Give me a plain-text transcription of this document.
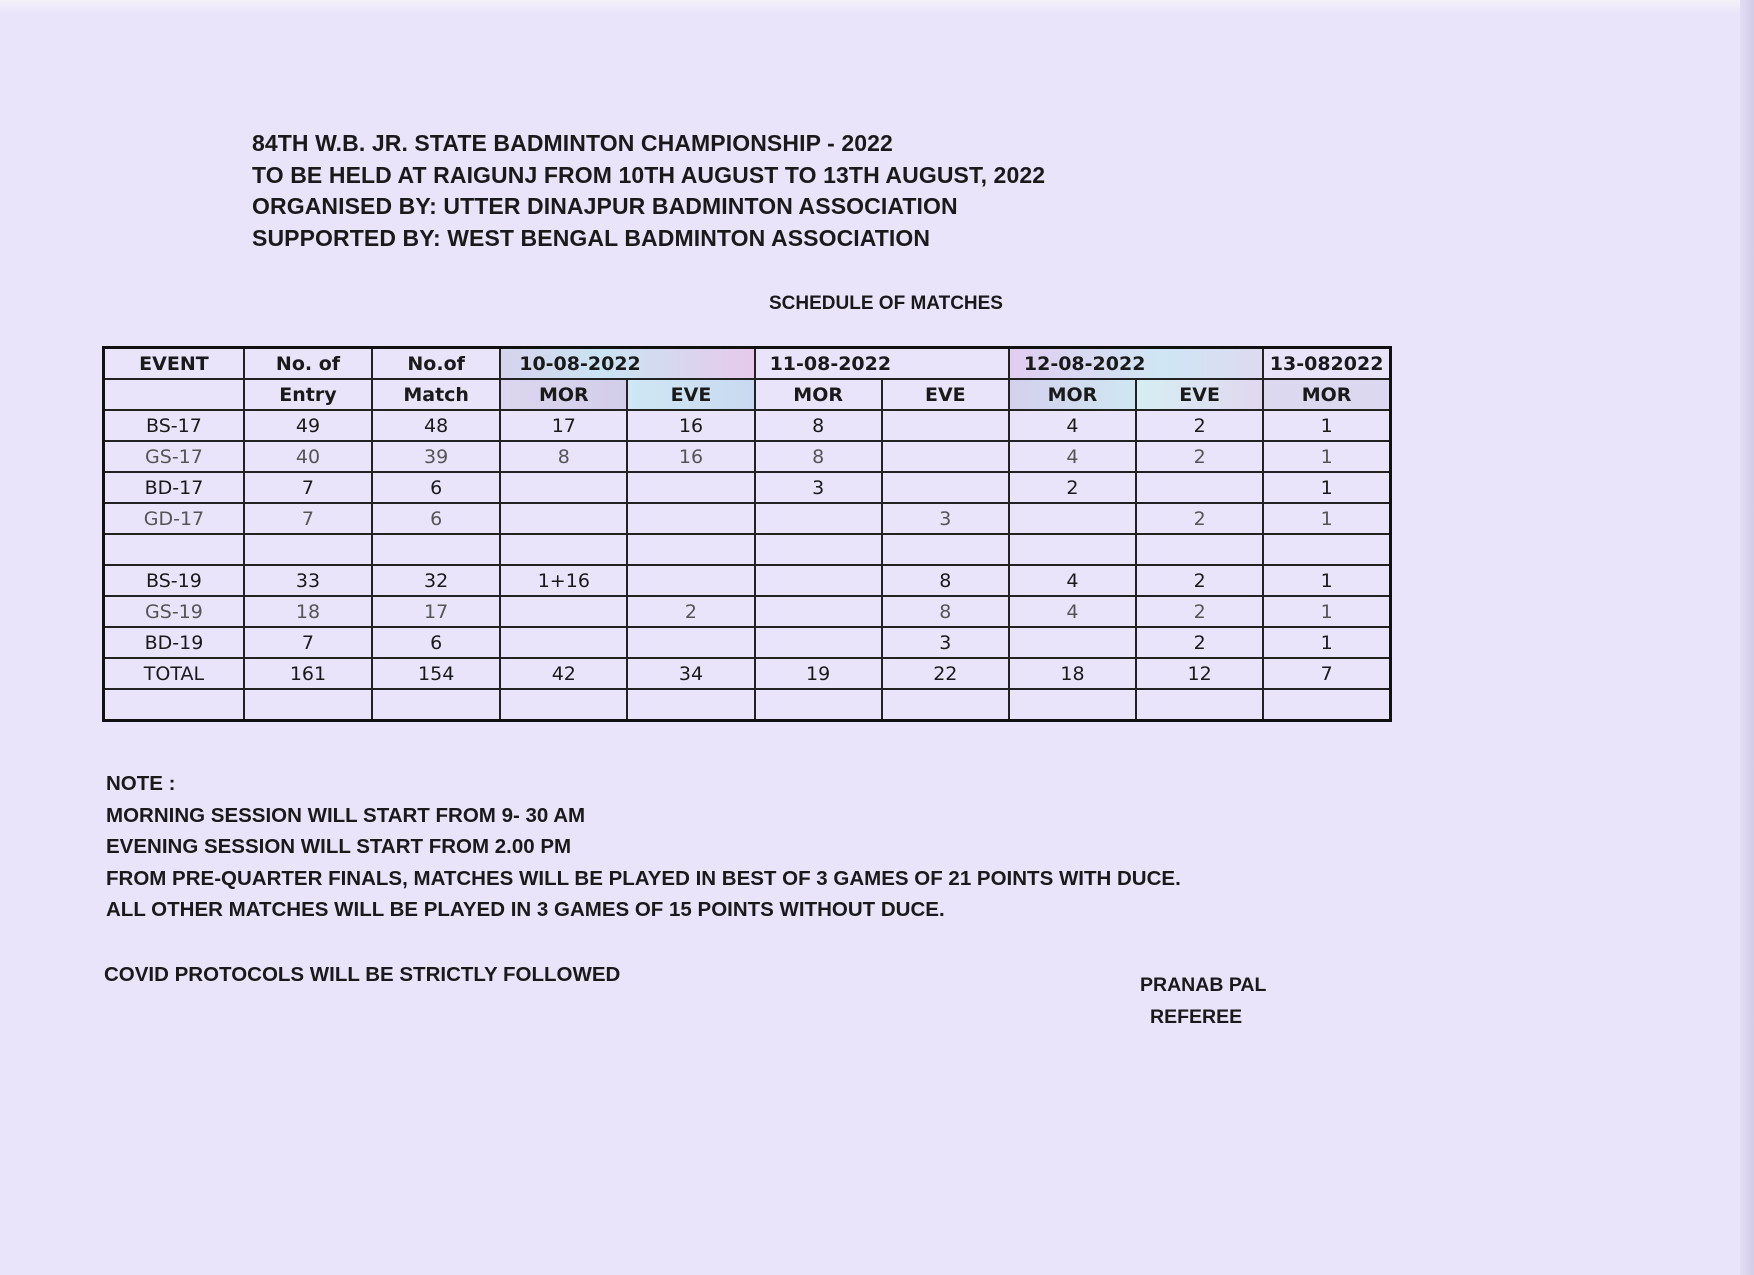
84TH W.B. JR. STATE BADMINTON CHAMPIONSHIP - 2022
TO BE HELD AT RAIGUNJ FROM 10TH AUGUST TO 13TH AUGUST, 2022
ORGANISED BY: UTTER DINAJPUR BADMINTON ASSOCIATION
SUPPORTED BY: WEST BENGAL BADMINTON ASSOCIATION
SCHEDULE OF MATCHES
EVENT	No. of	No.of	10-08-2022		11-08-2022		12-08-2022		13-082022
	Entry	Match	MOR	EVE	MOR	EVE	MOR	EVE	MOR
BS-17	49	48	17	16	8		4	2	1
GS-17	40	39	8	16	8		4	2	1
BD-17	7	6			3		2		1
GD-17	7	6				3		2	1

BS-19	33	32	1+16			8	4	2	1
GS-19	18	17		2		8	4	2	1
BD-19	7	6				3		2	1
TOTAL	161	154	42	34	19	22	18	12	7

NOTE :
MORNING SESSION WILL START FROM 9- 30 AM
EVENING SESSION WILL START FROM 2.00 PM
FROM PRE-QUARTER FINALS, MATCHES WILL BE PLAYED IN BEST OF 3 GAMES OF 21 POINTS WITH DUCE.
ALL OTHER MATCHES WILL BE PLAYED IN 3 GAMES OF 15 POINTS WITHOUT DUCE.
COVID PROTOCOLS WILL BE STRICTLY FOLLOWED	PRANAB PAL
REFEREE
